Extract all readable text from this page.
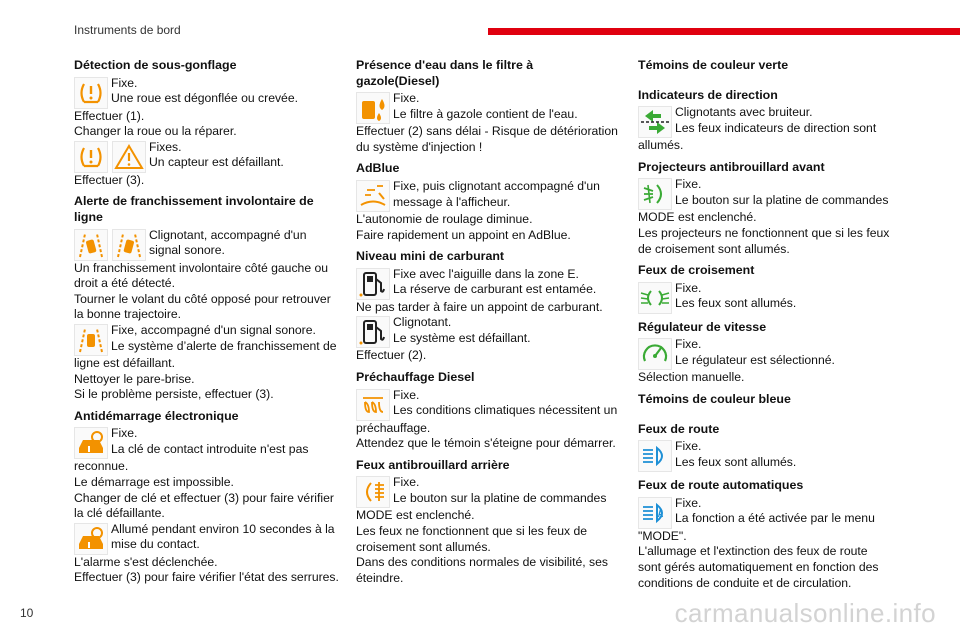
Instruments de bord
Détection de sous-gonflage

Fixe.

Une roue est dégonflée ou crevée.

Effectuer (1).

Changer la roue ou la réparer.

Fixes.

Un capteur est défaillant.

Effectuer (3).

Alerte de franchissement involontaire de ligne

Clignotant, accompagné d'un

signal sonore.

Un franchissement involontaire côté gauche ou

droit a été détecté.

Tourner le volant du côté opposé pour retrouver

la bonne trajectoire.

Fixe, accompagné d'un signal sonore.

Le système d’alerte de franchissement de

ligne est défaillant.

Nettoyer le pare-brise.

Si le problème persiste, effectuer (3).

Antidémarrage électronique

Fixe.

La clé de contact introduite n'est pas

reconnue.

Le démarrage est impossible.

Changer de clé et effectuer (3) pour faire vérifier

la clé défaillante.

Allumé pendant environ 10 secondes à la

mise du contact.

L'alarme s'est déclenchée.

Effectuer (3) pour faire vérifier l'état des serrures.

Présence d'eau dans le filtre à
gazole(Diesel)

Fixe.

Le filtre à gazole contient de l'eau.

Effectuer (2) sans délai - Risque de détérioration

du système d'injection !

AdBlue

Fixe, puis clignotant accompagné d'un

message à l'afficheur.

L'autonomie de roulage diminue.

Faire rapidement un appoint en AdBlue.

Niveau mini de carburant

Fixe avec l'aiguille dans la zone E.

La réserve de carburant est entamée.

Ne pas tarder à faire un appoint de carburant.

Clignotant.

Le système est défaillant.

Effectuer (2).

Préchauffage Diesel

Fixe.

Les conditions climatiques nécessitent un

préchauffage.

Attendez que le témoin s'éteigne pour démarrer.

Feux antibrouillard arrière

Fixe.

Le bouton sur la platine de commandes

MODE est enclenché.

Les feux ne fonctionnent que si les feux de

croisement sont allumés.

Dans des conditions normales de visibilité, ses

éteindre.

Témoins de couleur verte
Indicateurs de direction

Clignotants avec bruiteur.

Les feux indicateurs de direction sont

allumés.

Projecteurs antibrouillard avant

Fixe.

Le bouton sur la platine de commandes

MODE est enclenché.

Les projecteurs ne fonctionnent que si les feux

de croisement sont allumés.

Feux de croisement

Fixe.

Les feux sont allumés.

Régulateur de vitesse

Fixe.

Le régulateur est sélectionné.

Sélection manuelle.

Témoins de couleur bleue
Feux de route

Fixe.

Les feux sont allumés.

Feux de route automatiques

Fixe.

La fonction a été activée par le menu

"MODE".

L'allumage et l'extinction des feux de route

sont gérés automatiquement en fonction des

conditions de conduite et de circulation.

10	carmanualsonline.info
